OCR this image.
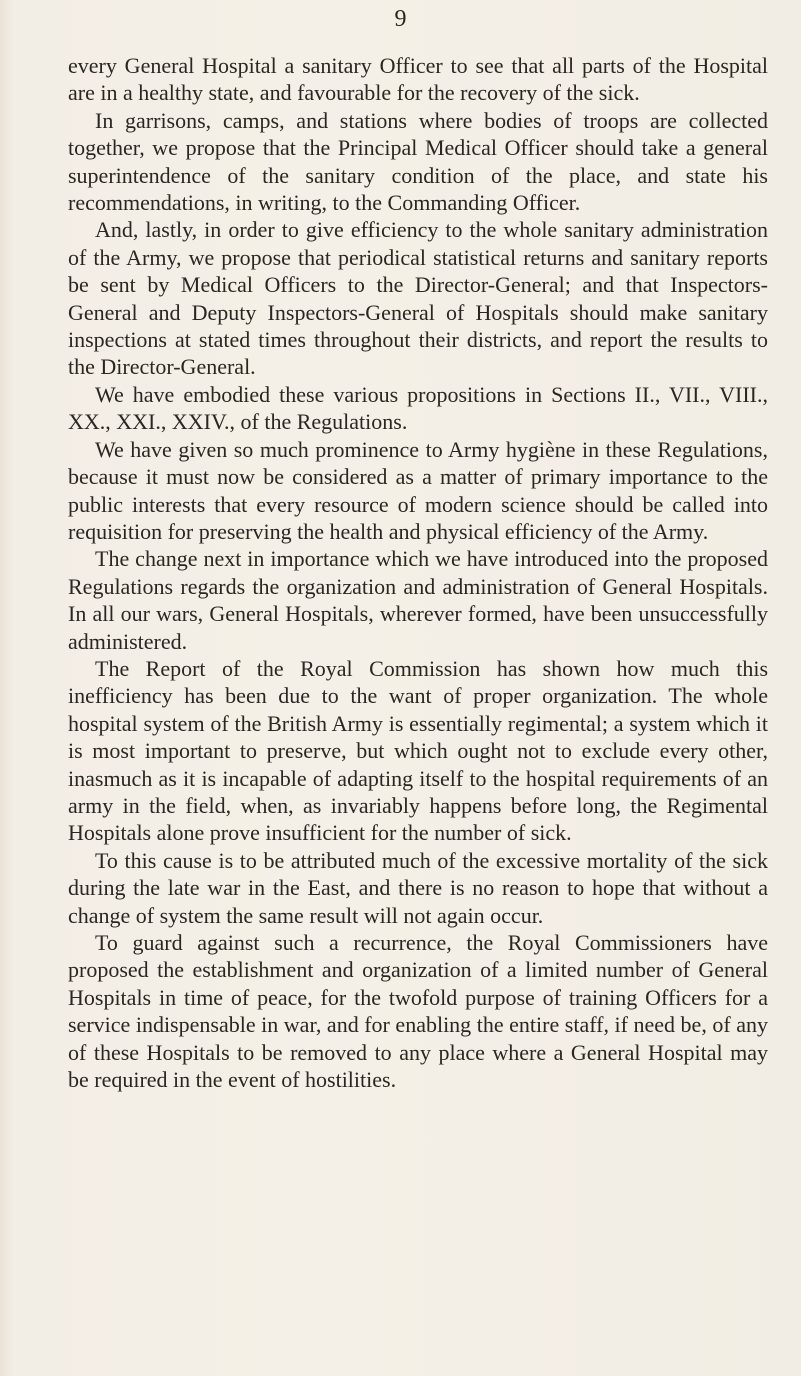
9

every General Hospital a sanitary Officer to see that all parts of the Hospital are in a healthy state, and favourable for the recovery of the sick.

In garrisons, camps, and stations where bodies of troops are collected together, we propose that the Principal Medical Officer should take a general superintendence of the sanitary condition of the place, and state his recommendations, in writing, to the Commanding Officer.

And, lastly, in order to give efficiency to the whole sanitary administration of the Army, we propose that periodical statistical returns and sanitary reports be sent by Medical Officers to the Director-General; and that Inspectors-General and Deputy Inspectors-General of Hospitals should make sanitary inspections at stated times throughout their districts, and report the results to the Director-General.

We have embodied these various propositions in Sections II., VII., VIII., XX., XXI., XXIV., of the Regulations.

We have given so much prominence to Army hygiène in these Regulations, because it must now be considered as a matter of primary importance to the public interests that every resource of modern science should be called into requisition for preserving the health and physical efficiency of the Army.

The change next in importance which we have introduced into the proposed Regulations regards the organization and administration of General Hospitals. In all our wars, General Hospitals, wherever formed, have been unsuccessfully administered.

The Report of the Royal Commission has shown how much this inefficiency has been due to the want of proper organization. The whole hospital system of the British Army is essentially regimental; a system which it is most important to preserve, but which ought not to exclude every other, inasmuch as it is incapable of adapting itself to the hospital requirements of an army in the field, when, as invariably happens before long, the Regimental Hospitals alone prove insufficient for the number of sick.

To this cause is to be attributed much of the excessive mortality of the sick during the late war in the East, and there is no reason to hope that without a change of system the same result will not again occur.

To guard against such a recurrence, the Royal Commissioners have proposed the establishment and organization of a limited number of General Hospitals in time of peace, for the twofold purpose of training Officers for a service indispensable in war, and for enabling the entire staff, if need be, of any of these Hospitals to be removed to any place where a General Hospital may be required in the event of hostilities.
